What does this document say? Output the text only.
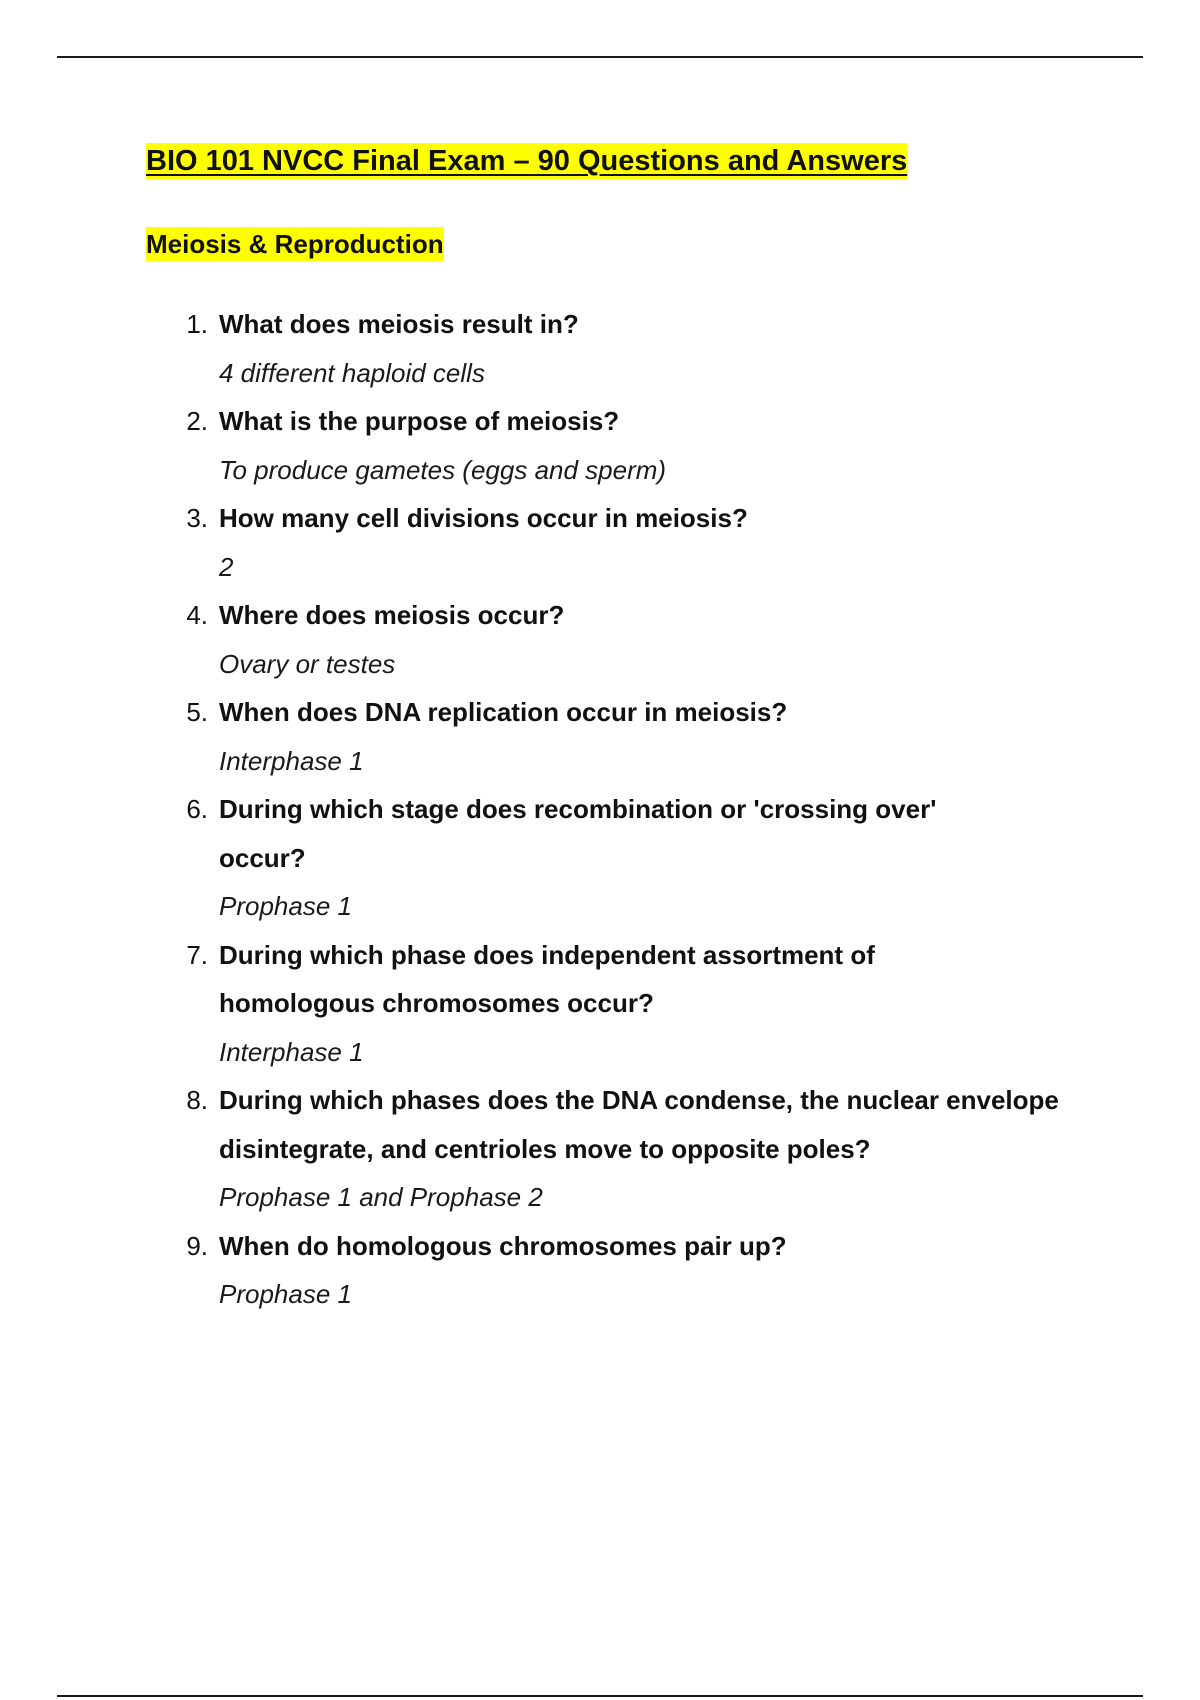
BIO 101 NVCC Final Exam – 90 Questions and Answers
Meiosis & Reproduction
1. What does meiosis result in?
4 different haploid cells
2. What is the purpose of meiosis?
To produce gametes (eggs and sperm)
3. How many cell divisions occur in meiosis?
2
4. Where does meiosis occur?
Ovary or testes
5. When does DNA replication occur in meiosis?
Interphase 1
6. During which stage does recombination or 'crossing over' occur?
Prophase 1
7. During which phase does independent assortment of homologous chromosomes occur?
Interphase 1
8. During which phases does the DNA condense, the nuclear envelope disintegrate, and centrioles move to opposite poles?
Prophase 1 and Prophase 2
9. When do homologous chromosomes pair up?
Prophase 1
